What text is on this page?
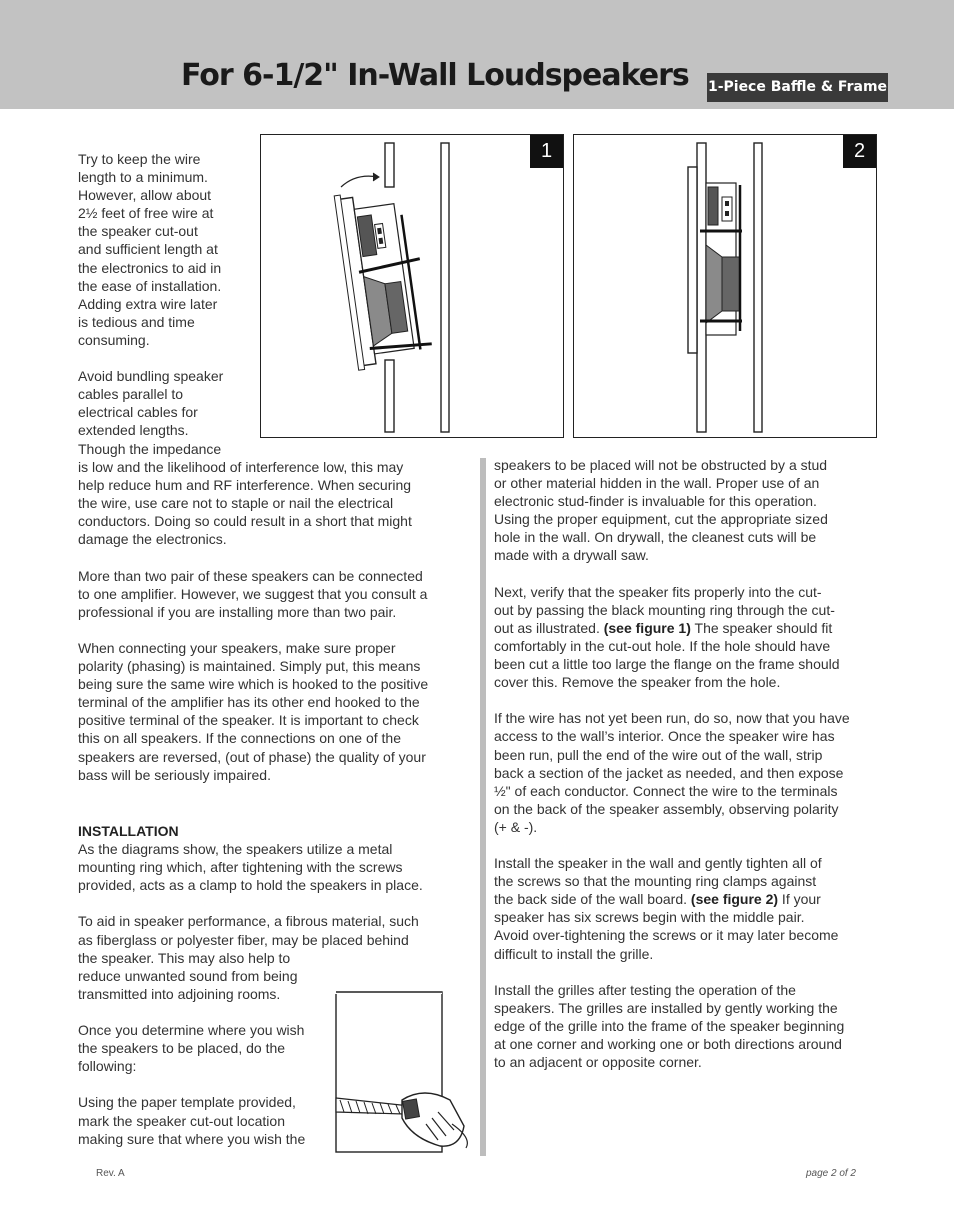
For 6-1/2" In-Wall Loudspeakers 1-Piece Baffle & Frame
1	2
Try to keep the wire
length to a minimum.
However, allow about
2½ feet of free wire at
the speaker cut-out
and sufficient length at
the electronics to aid in
the ease of installation.
Adding extra wire later
is tedious and time
consuming.
Avoid bundling speaker
cables parallel to
electrical cables for
extended lengths.
Though the impedance
is low and the likelihood of interference low, this may
help reduce hum and RF interference. When securing
the wire, use care not to staple or nail the electrical
conductors. Doing so could result in a short that might
damage the electronics.
More than two pair of these speakers can be connected
to one amplifier. However, we suggest that you consult a
professional if you are installing more than two pair.
When connecting your speakers, make sure proper
polarity (phasing) is maintained. Simply put, this means
being sure the same wire which is hooked to the positive
terminal of the amplifier has its other end hooked to the
positive terminal of the speaker. It is important to check
this on all speakers. If the connections on one of the
speakers are reversed, (out of phase) the quality of your
bass will be seriously impaired.
INSTALLATION
As the diagrams show, the speakers utilize a metal
mounting ring which, after tightening with the screws
provided, acts as a clamp to hold the speakers in place.
To aid in speaker performance, a fibrous material, such
as fiberglass or polyester fiber, may be placed behind
the speaker. This may also help to
reduce unwanted sound from being
transmitted into adjoining rooms.
Once you determine where you wish
the speakers to be placed, do the
following:
Using the paper template provided,
mark the speaker cut-out location
making sure that where you wish the
speakers to be placed will not be obstructed by a stud
or other material hidden in the wall. Proper use of an
electronic stud-finder is invaluable for this operation.
Using the proper equipment, cut the appropriate sized
hole in the wall. On drywall, the cleanest cuts will be
made with a drywall saw.
Next, verify that the speaker fits properly into the cut-
out by passing the black mounting ring through the cut-
out as illustrated. (see figure 1) The speaker should fit
comfortably in the cut-out hole. If the hole should have
been cut a little too large the flange on the frame should
cover this. Remove the speaker from the hole.
If the wire has not yet been run, do so, now that you have
access to the wall’s interior. Once the speaker wire has
been run, pull the end of the wire out of the wall, strip
back a section of the jacket as needed, and then expose
½" of each conductor. Connect the wire to the terminals
on the back of the speaker assembly, observing polarity
(+ & -).
Install the speaker in the wall and gently tighten all of
the screws so that the mounting ring clamps against
the back side of the wall board. (see figure 2) If your
speaker has six screws begin with the middle pair.
Avoid over-tightening the screws or it may later become
difficult to install the grille.
Install the grilles after testing the operation of the
speakers. The grilles are installed by gently working the
edge of the grille into the frame of the speaker beginning
at one corner and working one or both directions around
to an adjacent or opposite corner.
Rev. A	page 2 of 2
